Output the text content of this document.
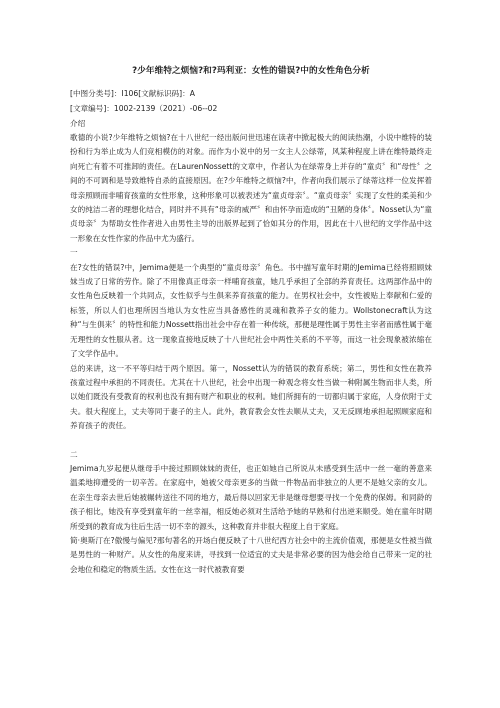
?少年维特之烦恼?和?玛利亚：女性的错误?中的女性角色分析

[中图分类号]：I106[文献标识码]：A

[文章编号]：1002-2139（2021）-06--02

介绍

歌德的小说?少年维特之烦恼?在十八世纪一经出版问世迅速在读者中掀起极大的阅读热潮，小说中维特的装扮和行为举止成为人们竞相模仿的对象。而作为小说中的另一女主人公绿蒂，风某种程度上讲在维特最终走向死亡有着不可推卸的责任。在LaurenNossett的文章中，作者认为在绿蒂身上并存的“童贞〞和“母性〞之间的不可调和是导致维特自杀的直接原因。在?少年维特之烦恼?中，作者向我们展示了绿蒂这样一位发挥着母亲照顾而非哺育孩童的女性形象，这种形象可以被表述为“童贞母亲〞。“童贞母亲〞实现了女性的柔美和少女的纯洁二者的理想化结合，同时并不具有“母亲的威严〞和由怀孕而造成的“丑陋的身体〞。Nosset认为“童贞母亲〞为帮助女性作者进入由男性主导的出版界起到了恰如其分的作用，因此在十八世纪的文学作品中这一形象在女性作家的作品中尤为盛行。

一

在?女性的错误?中，Jemima便是一个典型的“童贞母亲〞角色。书中描写童年时期的Jemima已经将照顾妹妹当成了日常的劳作。除了不用像真正母亲一样哺育孩童，她几乎承担了全部的养育责任。这两部作品中的女性角色反映着一个共同点，女性似乎与生俱来养育孩童的能力。在男权社会中，女性被贴上奉献和仁爱的标签，所以人们也理所因当地认为女性应当具备感性的灵魂和教养子女的能力。Wollstonecraft认为这种“与生俱来〞的特性和能力Nossett指出社会中存在着一种传统，那便是理性属于男性主宰者而感性属于毫无理性的女性服从者。这一现象直接地反映了十八世纪社会中两性关系的不平等，而这一社会现象被浓缩在了文学作品中。

总的来讲，这一不平等归结于两个原因。第一，Nossett认为的错误的教育系统；第二，男性和女性在教养孩童过程中承担的不同责任。尤其在十八世纪，社会中出现一种观念将女性当做一种附属生物而非人类，所以她们既没有受教育的权利也没有拥有财产和职业的权利。她们所拥有的一切都归属于家庭，人身依附于丈夫。很大程度上，丈夫等同于妻子的主人。此外，教育教会女性去顺从丈夫，又无反顾地承担起照顾家庭和养育孩子的责任。

二

Jemima九岁起便从继母手中接过照顾妹妹的责任，也正如她自己所说从未感受到生活中一丝一毫的善意来温柔地抑遭受的一切辛苦。在家庭中，她被父母亲更多的当做一件物品而非独立的人更不是她父亲的女儿。在亲生母亲去世后她被辗转送往不同的地方，最后得以回家无非是继母想要寻找一个免费的保姆。和同龄的孩子相比，她没有享受到童年的一丝幸福，相反她必须对生活给予她的早熟和付出逆来顺受。她在童年时期所受到的教育成为往后生活一切不幸的源头，这种教育并非很大程度上自于家庭。

简·奥斯汀在?傲慢与偏见?那句著名的开场白便反映了十八世纪西方社会中的主流价值观，那便是女性被当做是男性的一种财产。从女性的角度来讲，寻找到一位适宜的丈夫是非常必要的因为他会给自己带来一定的社会地位和稳定的物质生活。女性在这一时代被教育要
